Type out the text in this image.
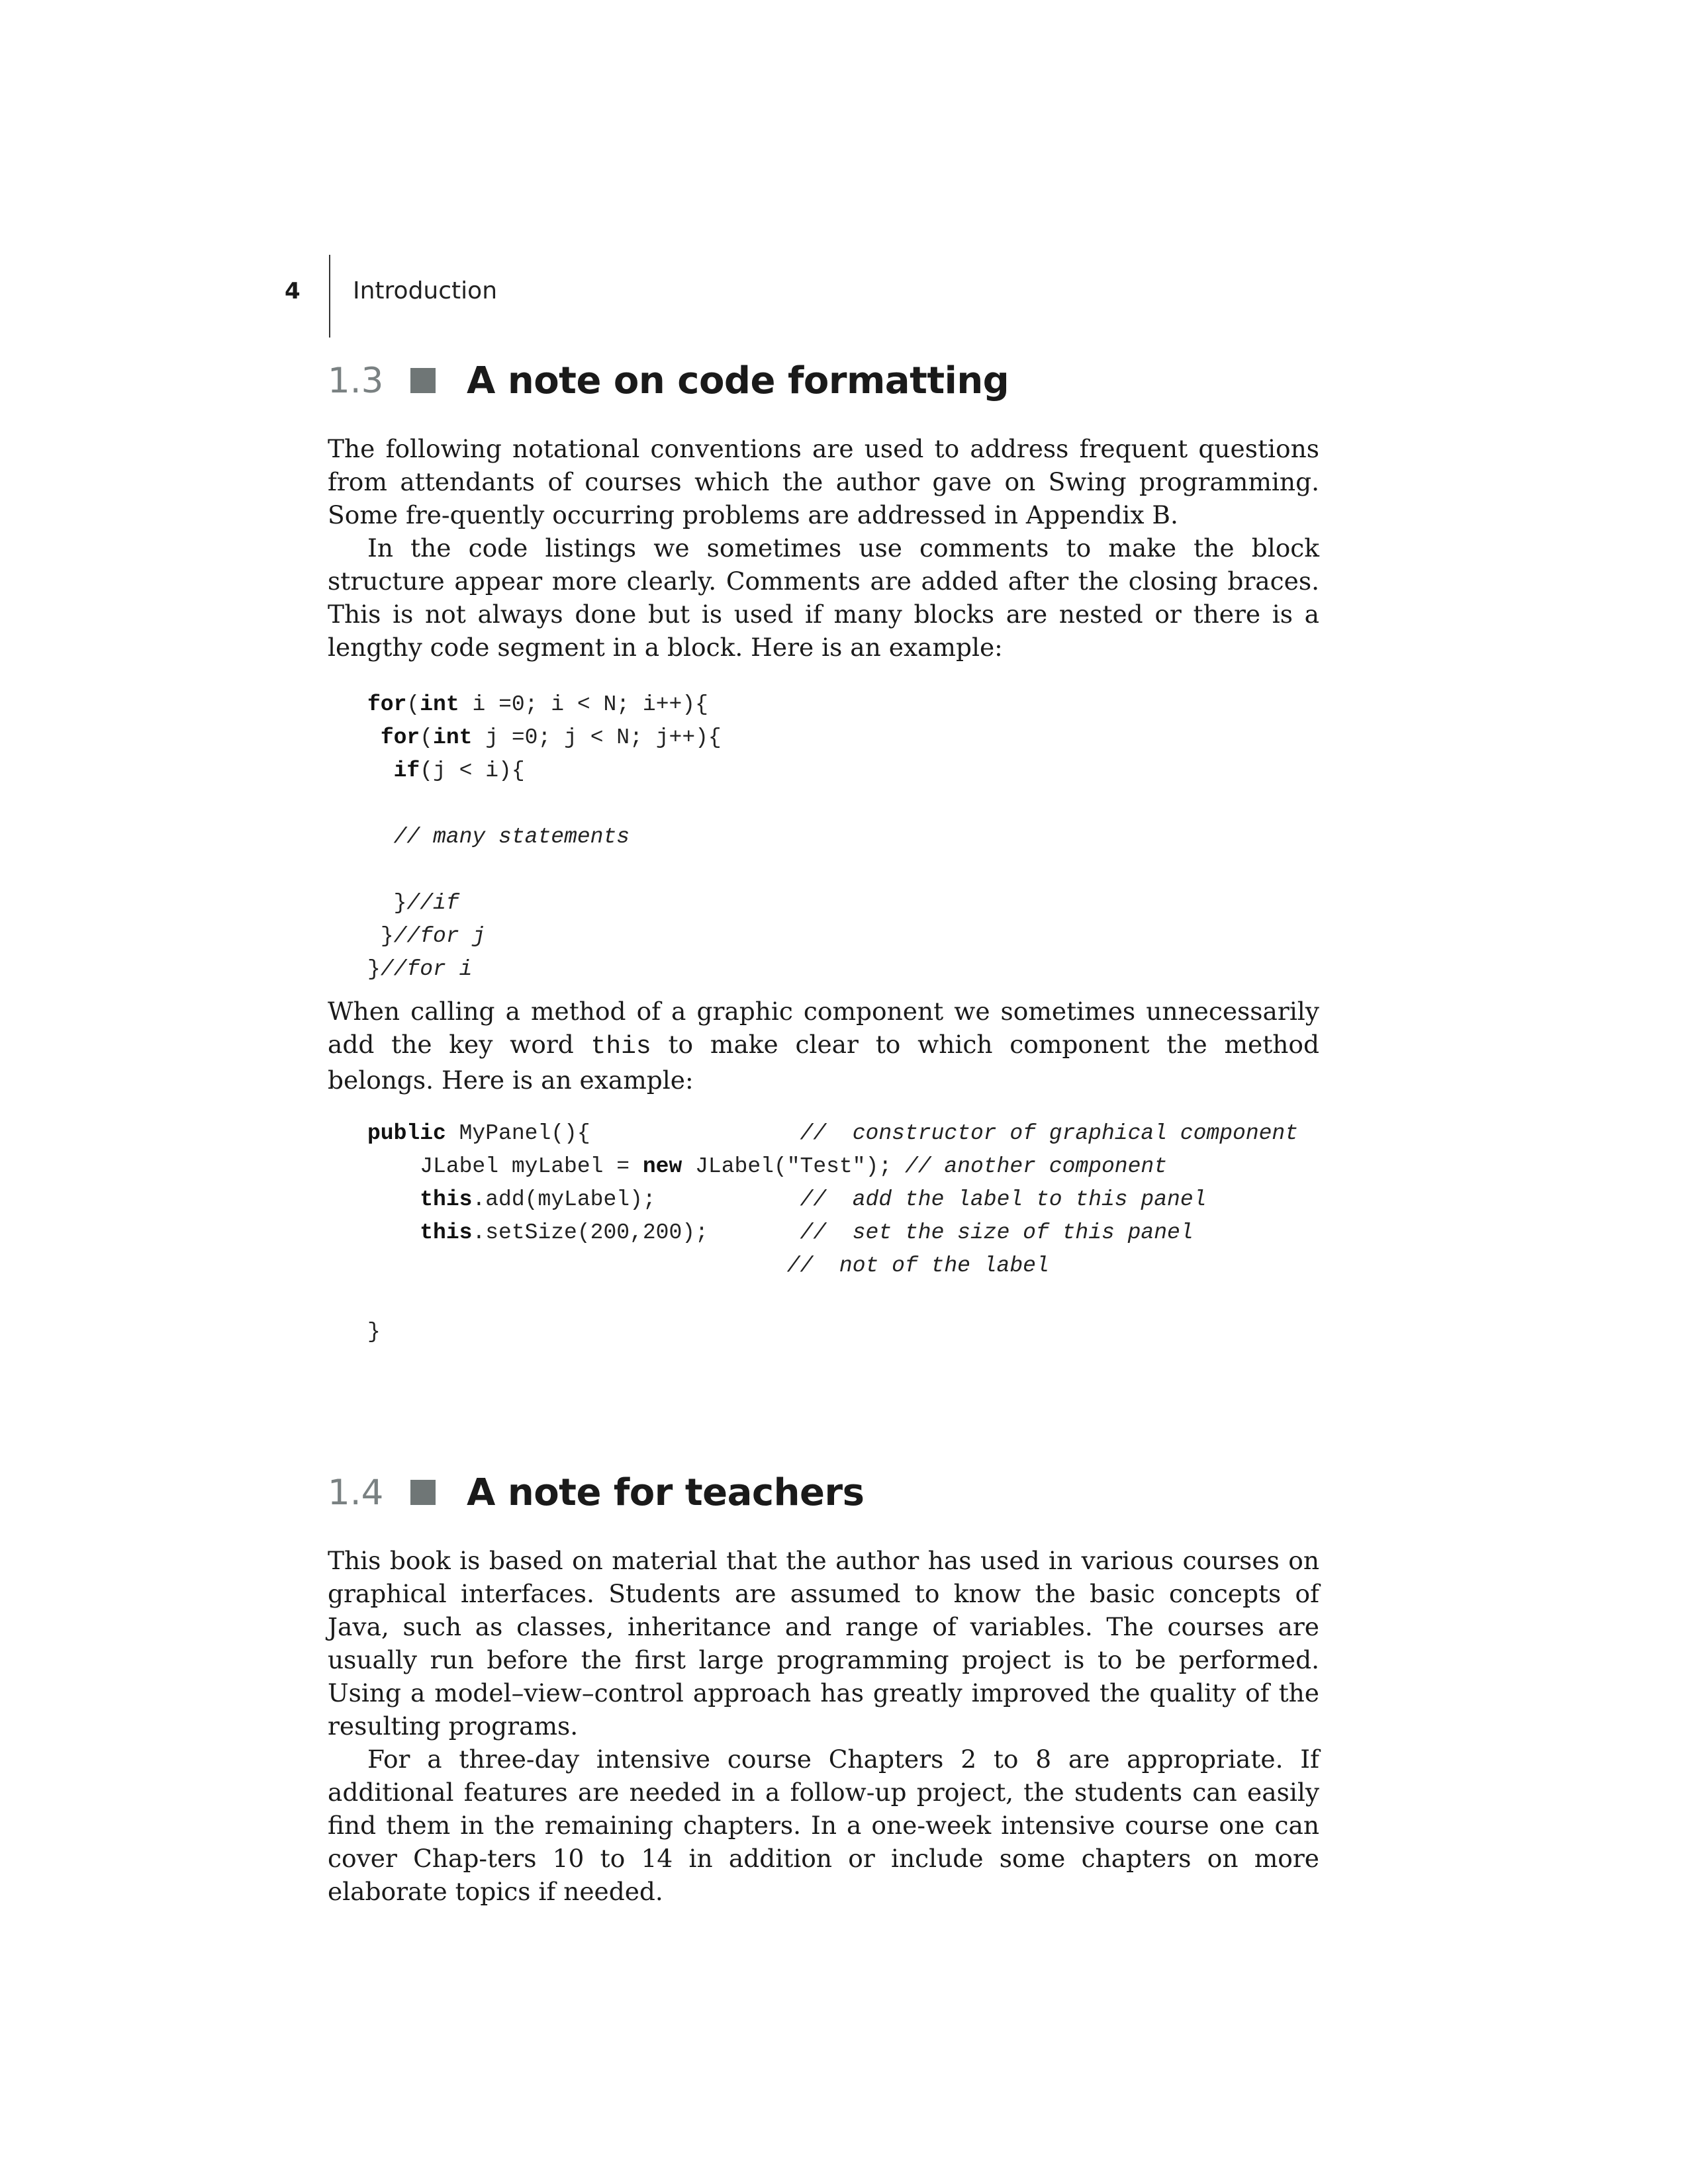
4 Introduction
1.3	A note on code formatting

The following notational conventions are used to address frequent questions from attendants of courses which the author gave on Swing programming. Some fre-quently occurring problems are addressed in Appendix B.

In the code listings we sometimes use comments to make the block structure appear more clearly. Comments are added after the closing braces. This is not always done but is used if many blocks are nested or there is a lengthy code segment in a block. Here is an example:

for(int i =0; i < N; i++){
for(int j =0; j < N; j++){
if(j < i){
// many statements
}//if
}//for j
}//for i

When calling a method of a graphic component we sometimes unnecessarily add the key word this to make clear to which component the method belongs. Here is an example:

public MyPanel(){                //  constructor of graphical component
JLabel myLabel = new JLabel("Test"); // another component
this.add(myLabel);           //  add the label to this panel
this.setSize(200,200);       //  set the size of this panel
//  not of the label
}
1.4	A note for teachers

This book is based on material that the author has used in various courses on graphical interfaces. Students are assumed to know the basic concepts of Java, such as classes, inheritance and range of variables. The courses are usually run before the first large programming project is to be performed. Using a model–view–control approach has greatly improved the quality of the resulting programs.

For a three-day intensive course Chapters 2 to 8 are appropriate. If additional features are needed in a follow-up project, the students can easily find them in the remaining chapters. In a one-week intensive course one can cover Chap-ters 10 to 14 in addition or include some chapters on more elaborate topics if needed.
